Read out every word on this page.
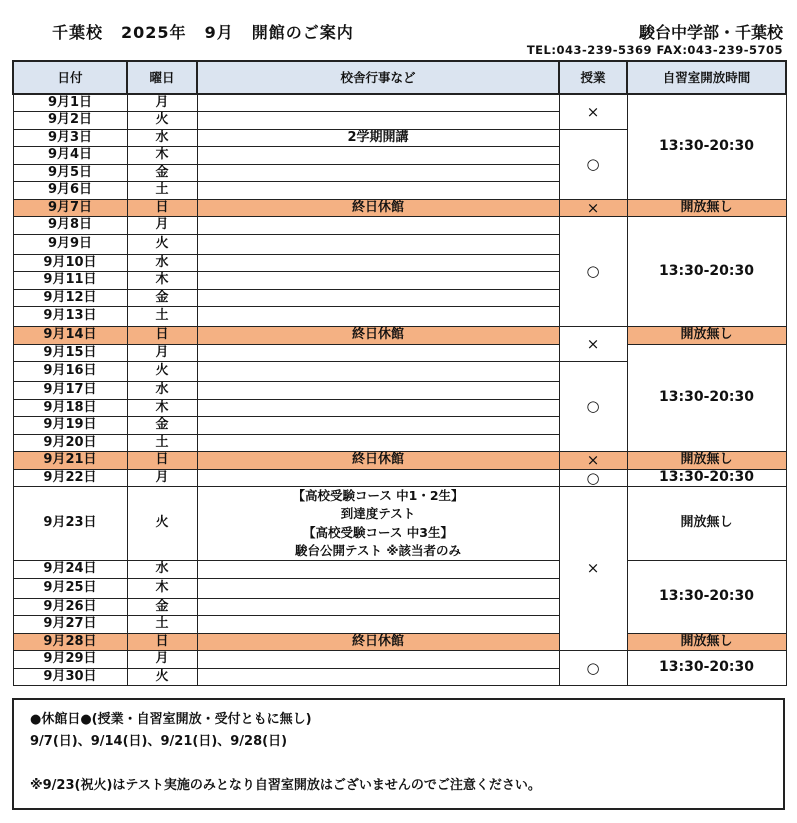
千葉校 2025年 9月 開館のご案内	駿台中学部・千葉校
TEL:043-239-5369 FAX:043-239-5705
日付	曜日	校舎行事など	授業	自習室開放時間
9月1日	月		×	13:30-20:30
9月2日	火			
9月3日	水	2学期開講	○	
9月4日	木			
9月5日	金			
9月6日	土			
9月7日	日	終日休館	×	開放無し
9月8日	月		○	13:30-20:30
9月9日	火			
9月10日	水			
9月11日	木			
9月12日	金			
9月13日	土			
9月14日	日	終日休館	×	開放無し
9月15日	月			13:30-20:30
9月16日	火		○	
9月17日	水			
9月18日	木			
9月19日	金			
9月20日	土			
9月21日	日	終日休館	×	開放無し
9月22日	月		○	13:30-20:30
9月23日	火	【高校受験コース 中1・2生】
到達度テスト
【高校受験コース 中3生】
駿台公開テスト ※該当者のみ	×	開放無し
9月24日	水			13:30-20:30
9月25日	木			
9月26日	金			
9月27日	土			
9月28日	日	終日休館		開放無し
9月29日	月		○	13:30-20:30
9月30日	火			
●休館日●(授業・自習室開放・受付ともに無し)
9/7(日)、9/14(日)、9/21(日)、9/28(日)
※9/23(祝火)はテスト実施のみとなり自習室開放はございませんのでご注意ください。
